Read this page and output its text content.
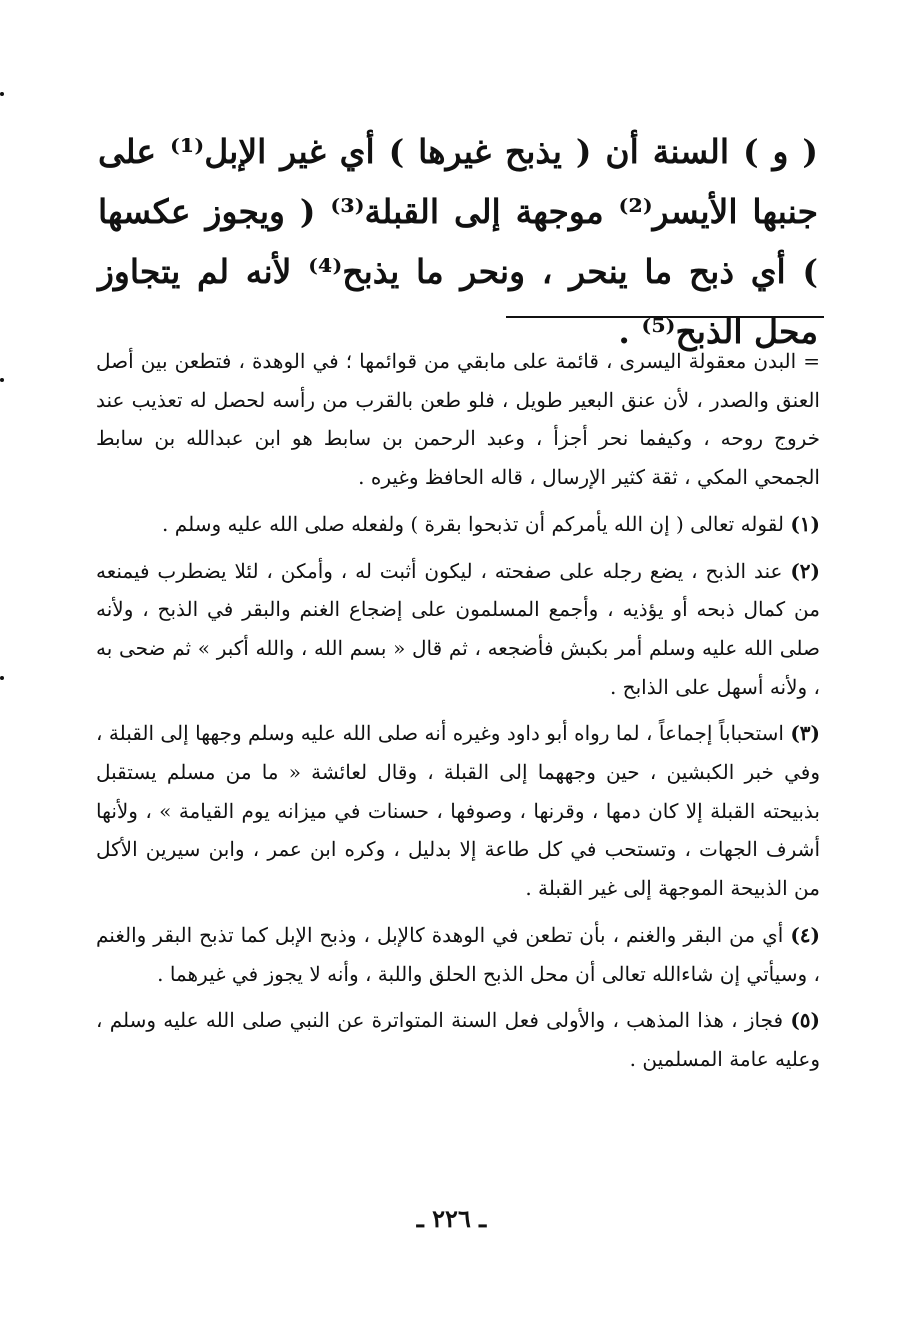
( و ) السنة أن ( يذبح غيرها ) أي غير الإبل⁽¹⁾ على جنبها الأيسر⁽²⁾ موجهة إلى القبلة⁽³⁾ ( ويجوز عكسها ) أي ذبح ما ينحر ، ونحر ما يذبح⁽⁴⁾ لأنه لم يتجاوز محل الذبح⁽⁵⁾ .

= البدن معقولة اليسرى ، قائمة على مابقي من قوائمها ؛ في الوهدة ، فتطعن بين أصل العنق والصدر ، لأن عنق البعير طويل ، فلو طعن بالقرب من رأسه لحصل له تعذيب عند خروج روحه ، وكيفما نحر أجزأ ، وعبد الرحمن بن سابط هو ابن عبدالله بن سابط الجمحي المكي ، ثقة كثير الإرسال ، قاله الحافظ وغيره .

(١) لقوله تعالى ( إن الله يأمركم أن تذبحوا بقرة ) ولفعله صلى الله عليه وسلم .

(٢) عند الذبح ، يضع رجله على صفحته ، ليكون أثبت له ، وأمكن ، لئلا يضطرب فيمنعه من كمال ذبحه أو يؤذيه ، وأجمع المسلمون على إضجاع الغنم والبقر في الذبح ، ولأنه صلى الله عليه وسلم أمر بكبش فأضجعه ، ثم قال « بسم الله ، والله أكبر » ثم ضحى به ، ولأنه أسهل على الذابح .

(٣) استحباباً إجماعاً ، لما رواه أبو داود وغيره أنه صلى الله عليه وسلم وجهها إلى القبلة ، وفي خبر الكبشين ، حين وجههما إلى القبلة ، وقال لعائشة « ما من مسلم يستقبل بذبيحته القبلة إلا كان دمها ، وقرنها ، وصوفها ، حسنات في ميزانه يوم القيامة » ، ولأنها أشرف الجهات ، وتستحب في كل طاعة إلا بدليل ، وكره ابن عمر ، وابن سيرين الأكل من الذبيحة الموجهة إلى غير القبلة .

(٤) أي من البقر والغنم ، بأن تطعن في الوهدة كالإبل ، وذبح الإبل كما تذبح البقر والغنم ، وسيأتي إن شاءالله تعالى أن محل الذبح الحلق واللبة ، وأنه لا يجوز في غيرهما .

(٥) فجاز ، هذا المذهب ، والأولى فعل السنة المتواترة عن النبي صلى الله عليه وسلم ، وعليه عامة المسلمين .

ـ ٢٢٦ ـ
